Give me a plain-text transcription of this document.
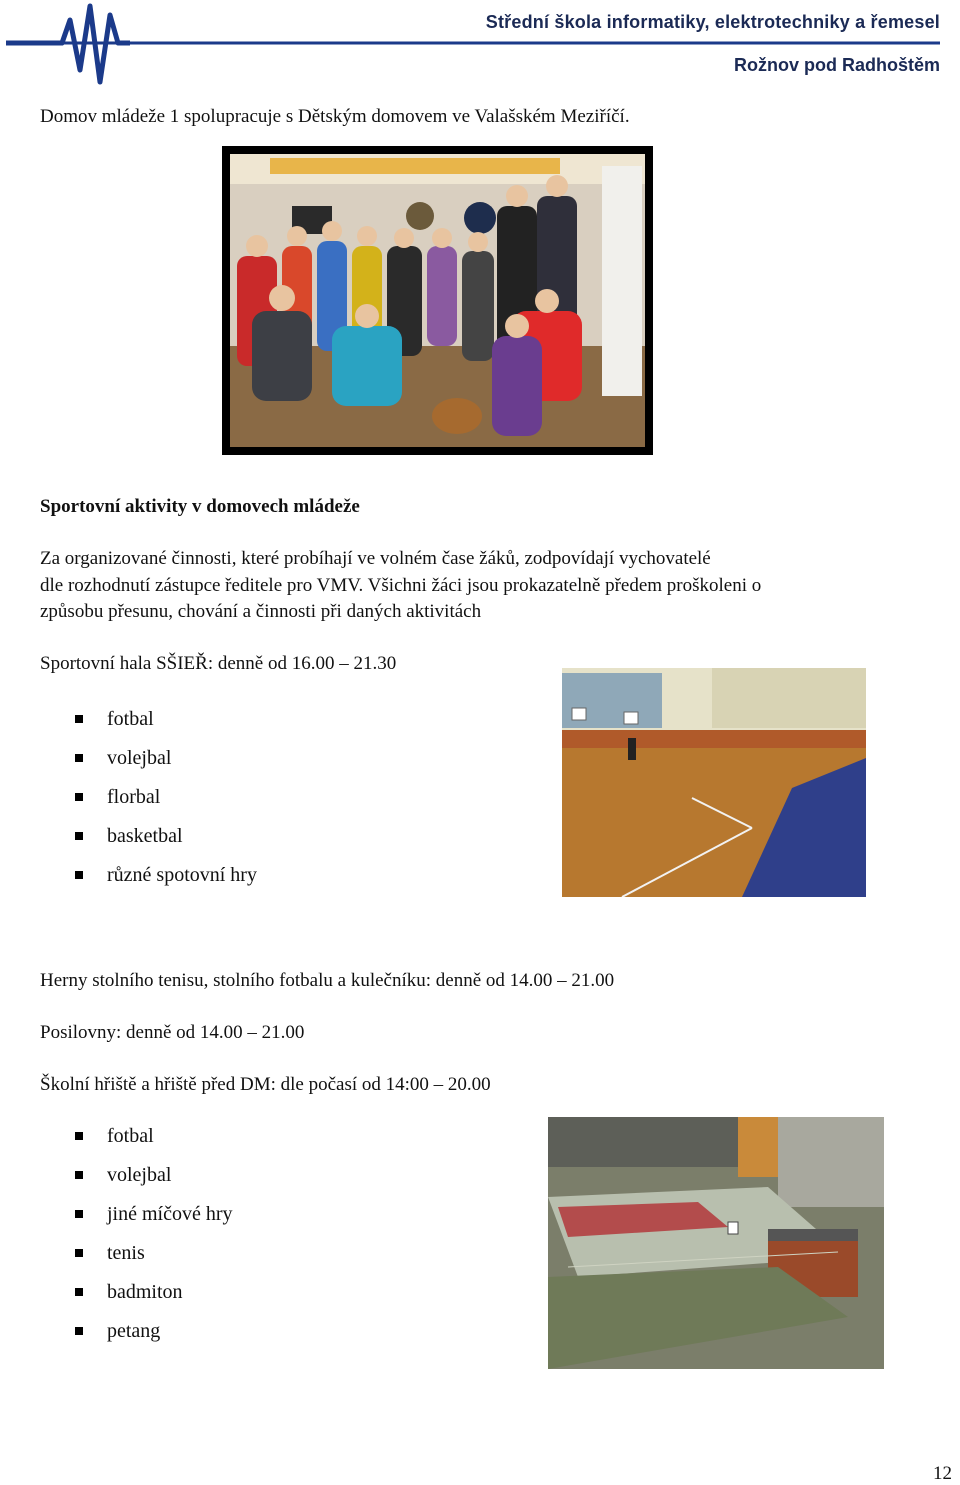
Střední škola informatiky, elektrotechniky a řemesel
Rožnov pod Radhoštěm
Domov mládeže 1 spolupracuje s Dětským domovem ve Valašském Meziříčí.
Sportovní aktivity v domovech mládeže
Za organizované činnosti, které probíhají ve volném čase žáků, zodpovídají vychovatelé
dle rozhodnutí zástupce ředitele pro VMV. Všichni žáci jsou prokazatelně předem proškoleni o
způsobu přesunu, chování a činnosti při daných aktivitách
Sportovní hala SŠIEŘ: denně od 16.00 – 21.30
fotbal
volejbal
florbal
basketbal
různé spotovní hry
Herny stolního tenisu, stolního fotbalu a kulečníku: denně od 14.00 – 21.00
Posilovny: denně od 14.00 – 21.00
Školní hřiště a hřiště před DM: dle počasí od 14:00 – 20.00
fotbal
volejbal
jiné míčové hry
tenis
badmiton
petang
12
